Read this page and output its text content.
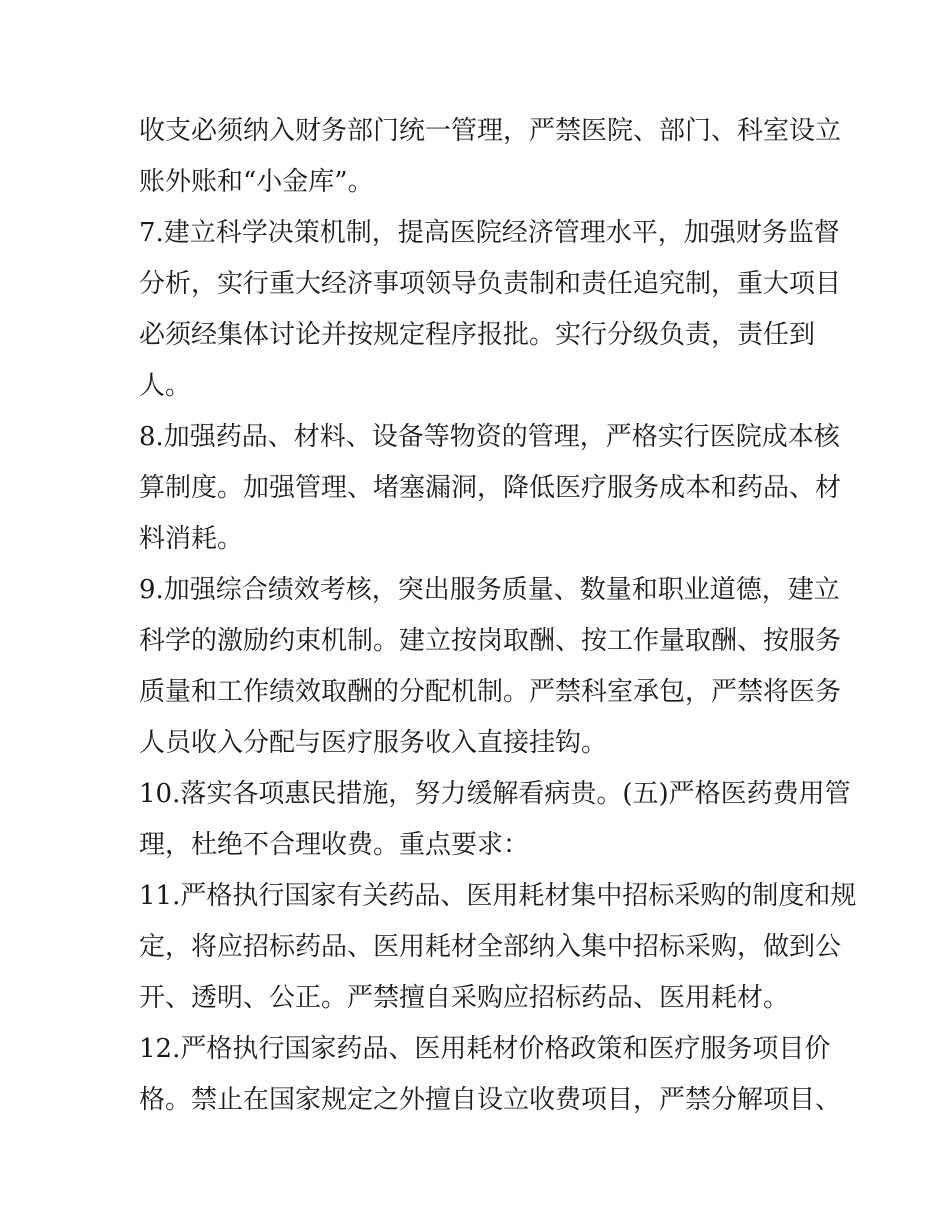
收支必须纳入财务部门统一管理，严禁医院、部门、科室设立
账外账和“小金库”。
7.建立科学决策机制，提高医院经济管理水平，加强财务监督
分析，实行重大经济事项领导负责制和责任追究制，重大项目
必须经集体讨论并按规定程序报批。实行分级负责，责任到
人。
8.加强药品、材料、设备等物资的管理，严格实行医院成本核
算制度。加强管理、堵塞漏洞，降低医疗服务成本和药品、材
料消耗。
9.加强综合绩效考核，突出服务质量、数量和职业道德，建立
科学的激励约束机制。建立按岗取酬、按工作量取酬、按服务
质量和工作绩效取酬的分配机制。严禁科室承包，严禁将医务
人员收入分配与医疗服务收入直接挂钩。
10.落实各项惠民措施，努力缓解看病贵。(五)严格医药费用管
理，杜绝不合理收费。重点要求：
11.严格执行国家有关药品、医用耗材集中招标采购的制度和规
定，将应招标药品、医用耗材全部纳入集中招标采购，做到公
开、透明、公正。严禁擅自采购应招标药品、医用耗材。
12.严格执行国家药品、医用耗材价格政策和医疗服务项目价
格。禁止在国家规定之外擅自设立收费项目，严禁分解项目、
